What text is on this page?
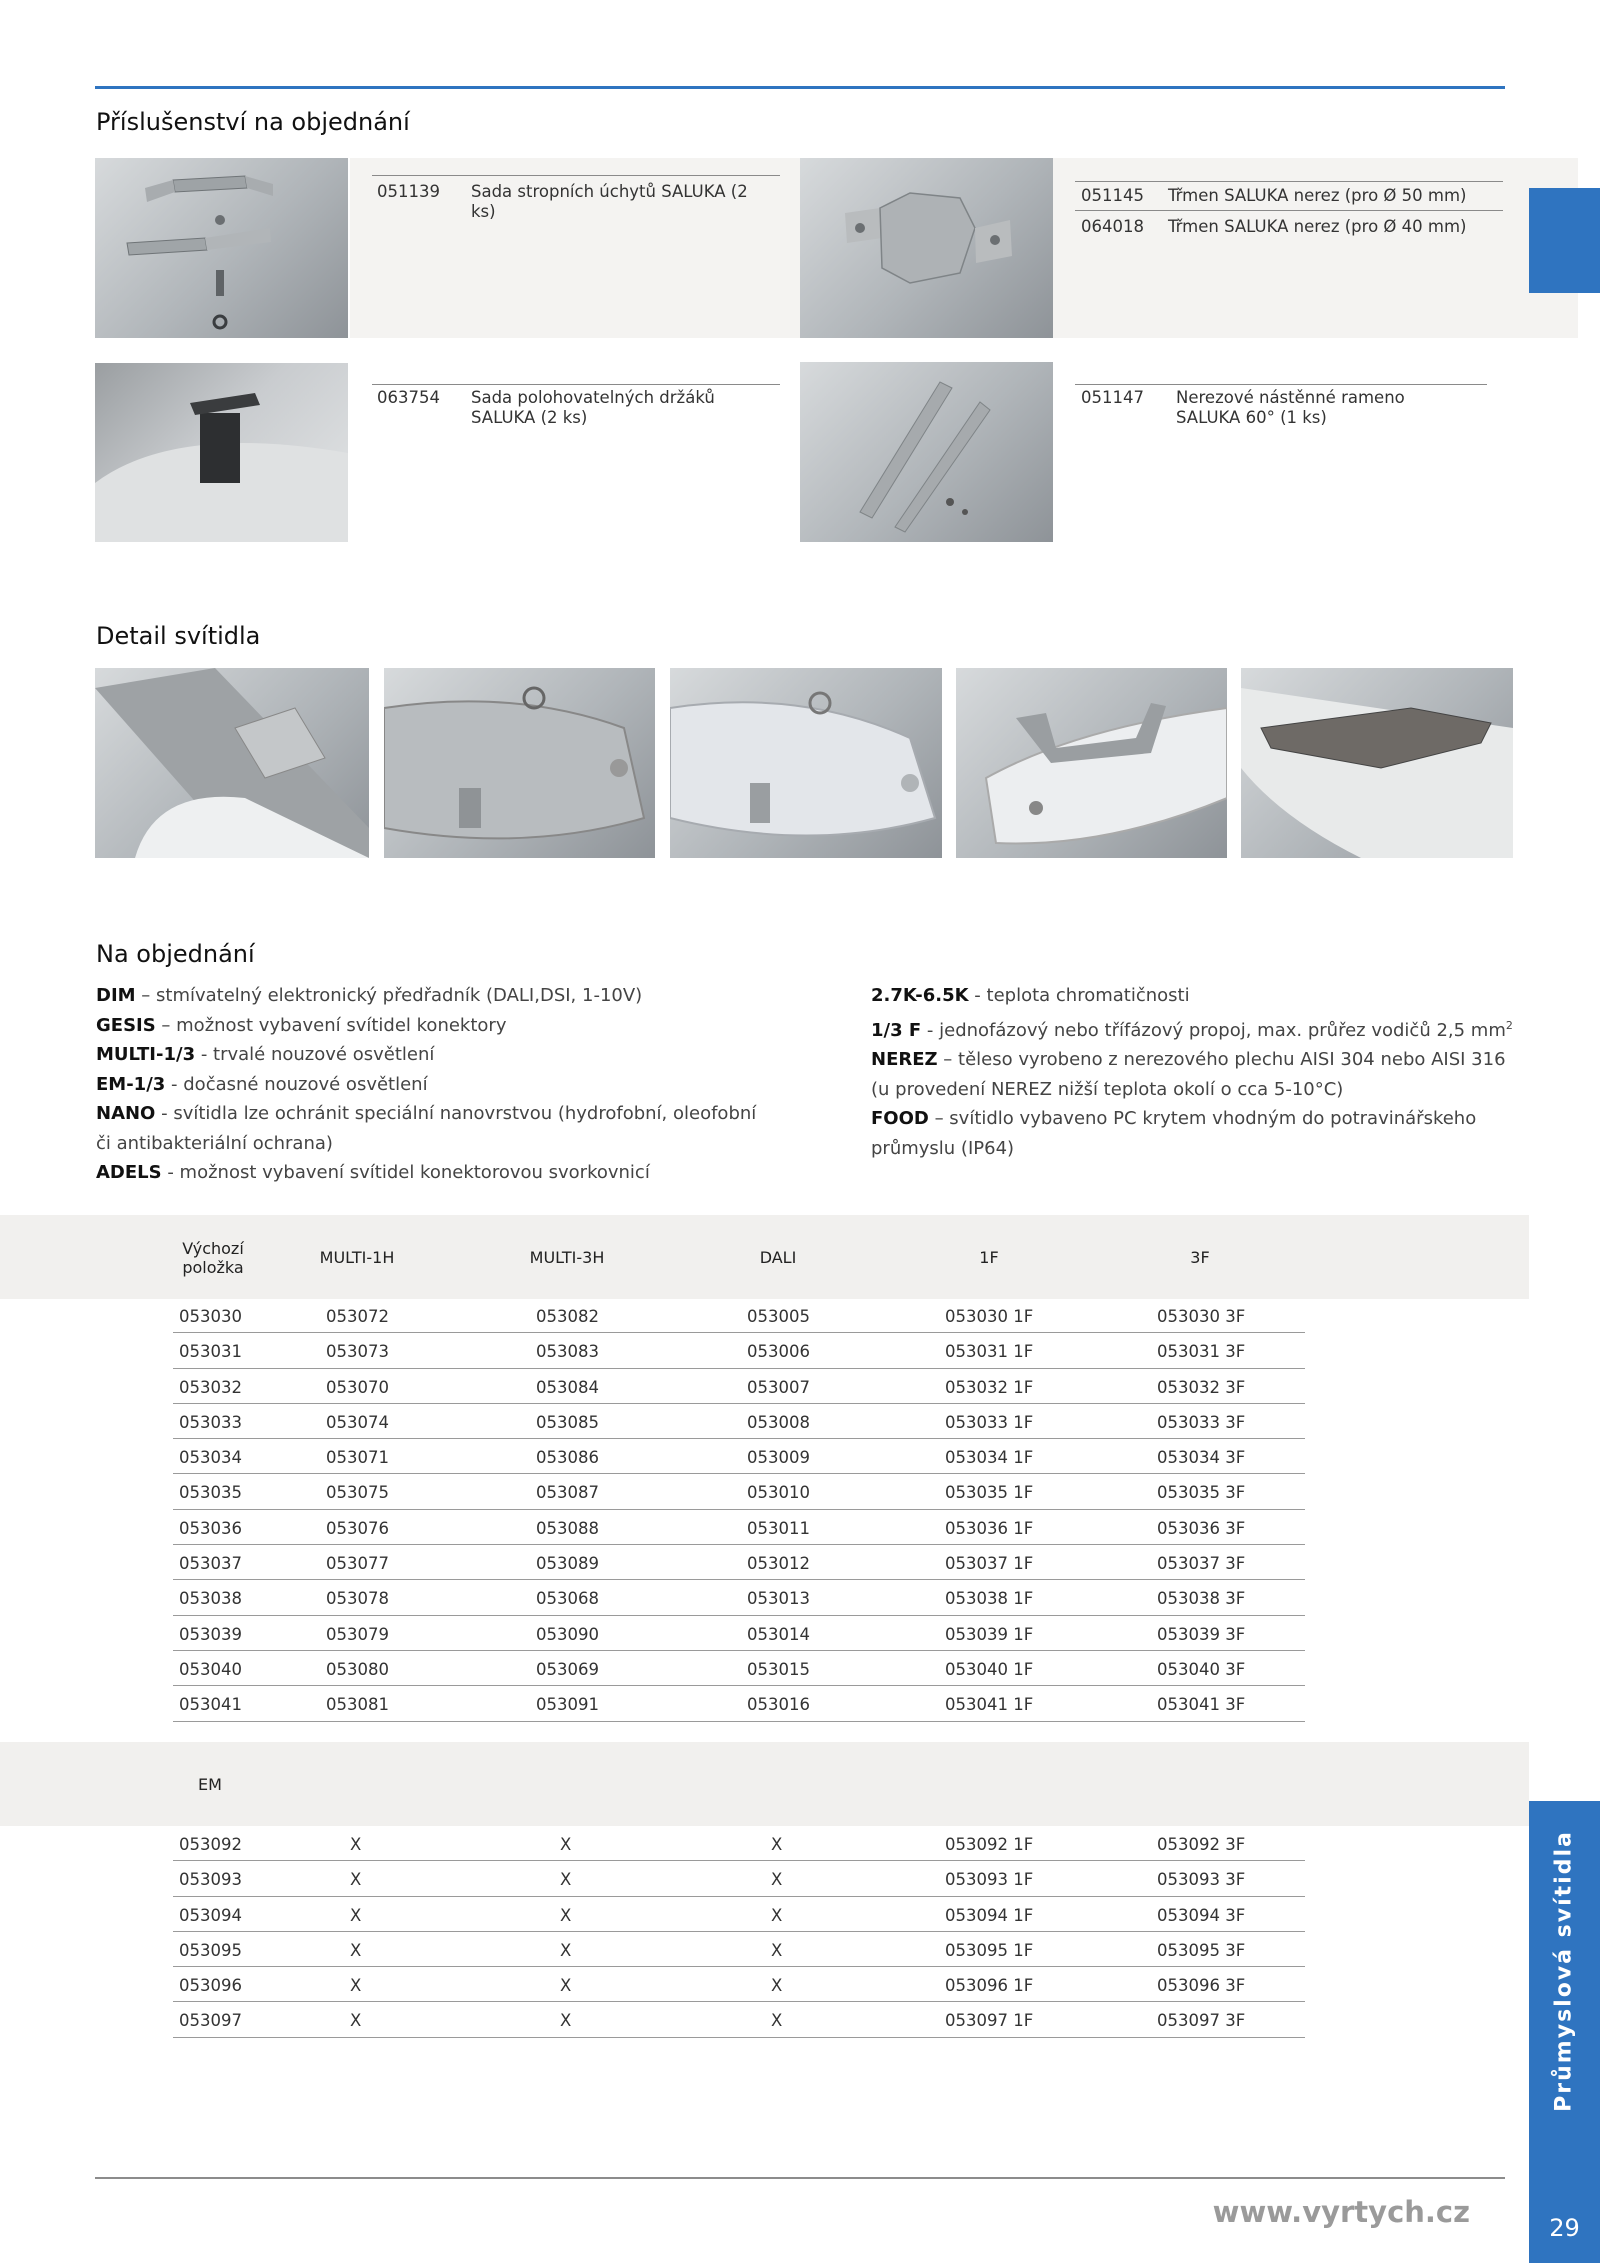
Příslušenství na objednání
051139	Sada stropních úchytů SALUKA (2 ks)
051145	Třmen SALUKA nerez (pro Ø 50 mm)
064018	Třmen SALUKA nerez (pro Ø 40 mm)
063754	Sada polohovatelných držáků
SALUKA (2 ks)
051147	Nerezové nástěnné rameno
SALUKA 60° (1 ks)
Detail svítidla
Na objednání
DIM – stmívatelný elektronický předřadník (DALI,DSI, 1-10V)
GESIS – možnost vybavení svítidel konektory
MULTI-1/3 - trvalé nouzové osvětlení
EM-1/3 - dočasné nouzové osvětlení
NANO - svítidla lze ochránit speciální nanovrstvou (hydrofobní, oleofobní
či antibakteriální ochrana)
ADELS - možnost vybavení svítidel konektorovou svorkovnicí
2.7K-6.5K - teplota chromatičnosti
1/3 F - jednofázový nebo třífázový propoj, max. průřez vodičů 2,5 $mm^2$
NEREZ – těleso vyrobeno z nerezového plechu AISI 304 nebo AISI 316
(u provedení NEREZ nižší teplota okolí o cca 5-10°C)
FOOD – svítidlo vybaveno PC krytem vhodným do potravinářskeho
průmyslu (IP64)
Výchozí
položka
MULTI-1H	MULTI-3H	DALI	1F	3F
053030	053072	053082	053005	053030 1F	053030 3F
053031	053073	053083	053006	053031 1F	053031 3F
053032	053070	053084	053007	053032 1F	053032 3F
053033	053074	053085	053008	053033 1F	053033 3F
053034	053071	053086	053009	053034 1F	053034 3F
053035	053075	053087	053010	053035 1F	053035 3F
053036	053076	053088	053011	053036 1F	053036 3F
053037	053077	053089	053012	053037 1F	053037 3F
053038	053078	053068	053013	053038 1F	053038 3F
053039	053079	053090	053014	053039 1F	053039 3F
053040	053080	053069	053015	053040 1F	053040 3F
053041	053081	053091	053016	053041 1F	053041 3F
EM
053092	X	X	X	053092 1F	053092 3F
053093	X	X	X	053093 1F	053093 3F
053094	X	X	X	053094 1F	053094 3F
053095	X	X	X	053095 1F	053095 3F
053096	X	X	X	053096 1F	053096 3F
053097	X	X	X	053097 1F	053097 3F
www.vyrtych.cz
Průmyslová svítidla
29
